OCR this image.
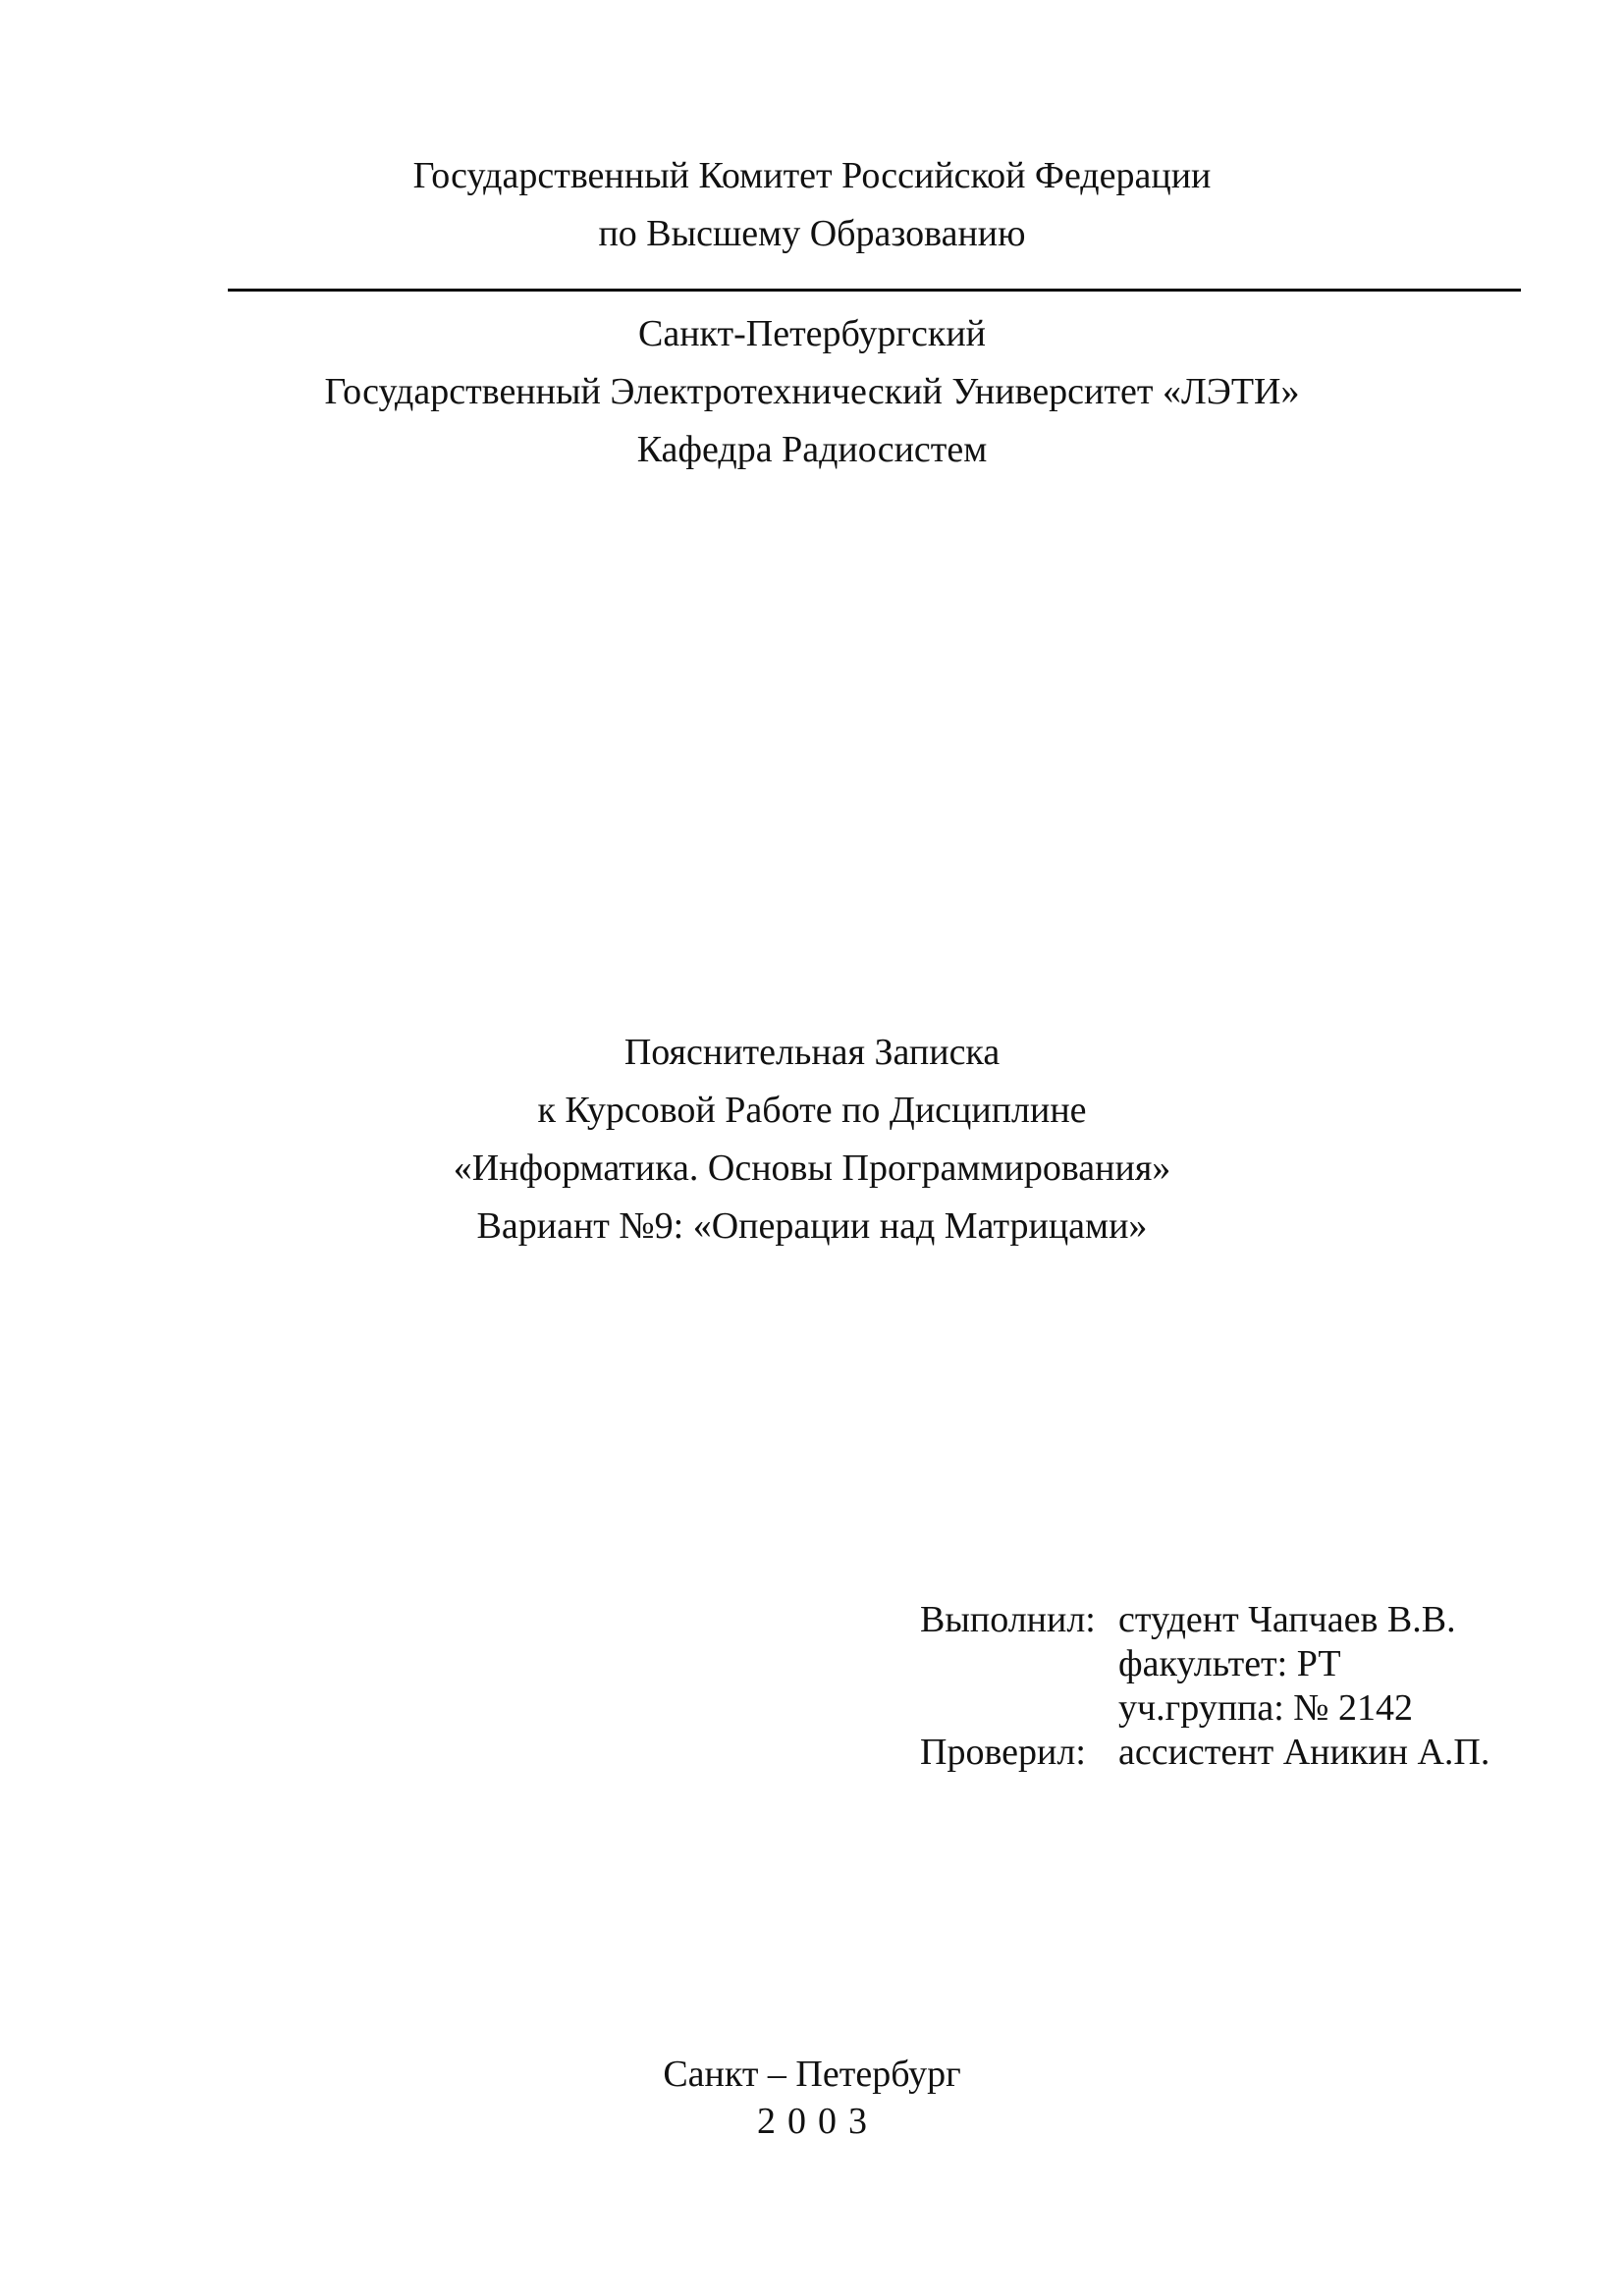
Государственный Комитет Российской Федерации
по Высшему Образованию
Санкт-Петербургский
Государственный Электротехнический Университет «ЛЭТИ»
Кафедра Радиосистем
Пояснительная Записка
к Курсовой Работе по Дисциплине
«Информатика. Основы Программирования»
Вариант №9: «Операции над Матрицами»
Выполнил:	студент Чапчаев В.В.
	факультет: РТ
	уч.группа: № 2142
Проверил:	ассистент Аникин А.П.
Санкт – Петербург
2003
